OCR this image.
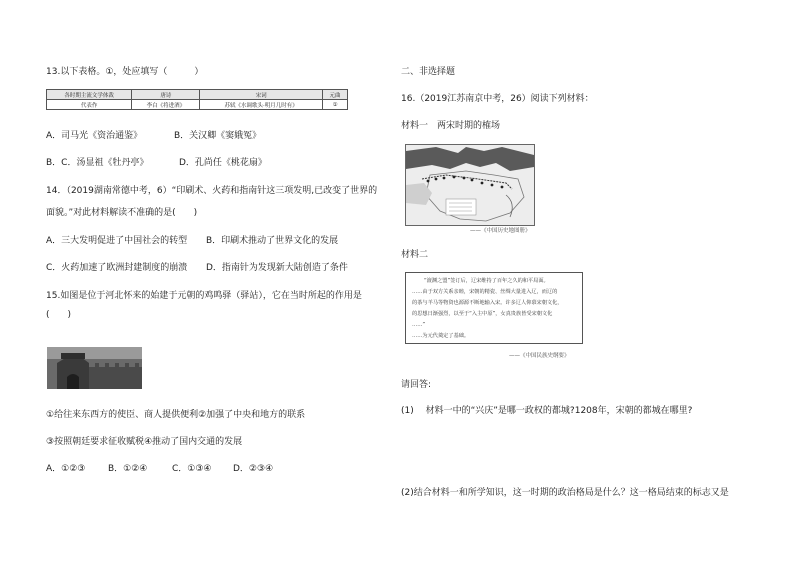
13.以下表格。①，处应填写（　　　）
各时期主流文学体裁	唐诗	宋词	元曲
代表作	李白《将进酒》	苏轼《水调歌头·明月几时有》	①
A．司马光《资治通鉴》	B．关汉卿《窦娥冤》
B．C．汤显祖《牡丹亭》	D．孔尚任《桃花扇》
14．（2019湖南常德中考，6）“印刷术、火药和指南针这三项发明,已改变了世界的
面貌。”对此材料解读不准确的是(　　)
A．三大发明促进了中国社会的转型 B．印刷术推动了世界文化的发展
C．火药加速了欧洲封建制度的崩溃 D．指南针为发现新大陆创造了条件
15.如图是位于河北怀来的始建于元朝的鸡鸣驿（驿站），它在当时所起的作用是
(　　)
①给往来东西方的使臣、商人提供便利②加强了中央和地方的联系
③按照朝廷要求征收赋税④推动了国内交通的发展
A．①②③	B．①②④	C．①③④ D．②③④
二、非选择题
16.（2019江苏南京中考，26）阅读下列材料：
材料一　两宋时期的榷场
——《中国历史地图册》
材料二
“澶渊之盟”签订后，辽宋维持了百年之久的和平局面。
……由于双方关系亲睦，宋朝的精瓷、丝绸大量进入辽，而辽的
的茶与羊马等物资也源源不断地输入宋。许多辽人仰慕宋朝文化，
的思想日渐强烈，以至于“入主中原”，女真贵族皆受宋朝文化
……”
……为元代奠定了基础。
——《中国民族史纲要》
请回答:
(1)　 材料一中的“兴庆”是哪一政权的都城?1208年，宋朝的都城在哪里?
(2)结合材料一和所学知识，这一时期的政治格局是什么？这一格局结束的标志又是
